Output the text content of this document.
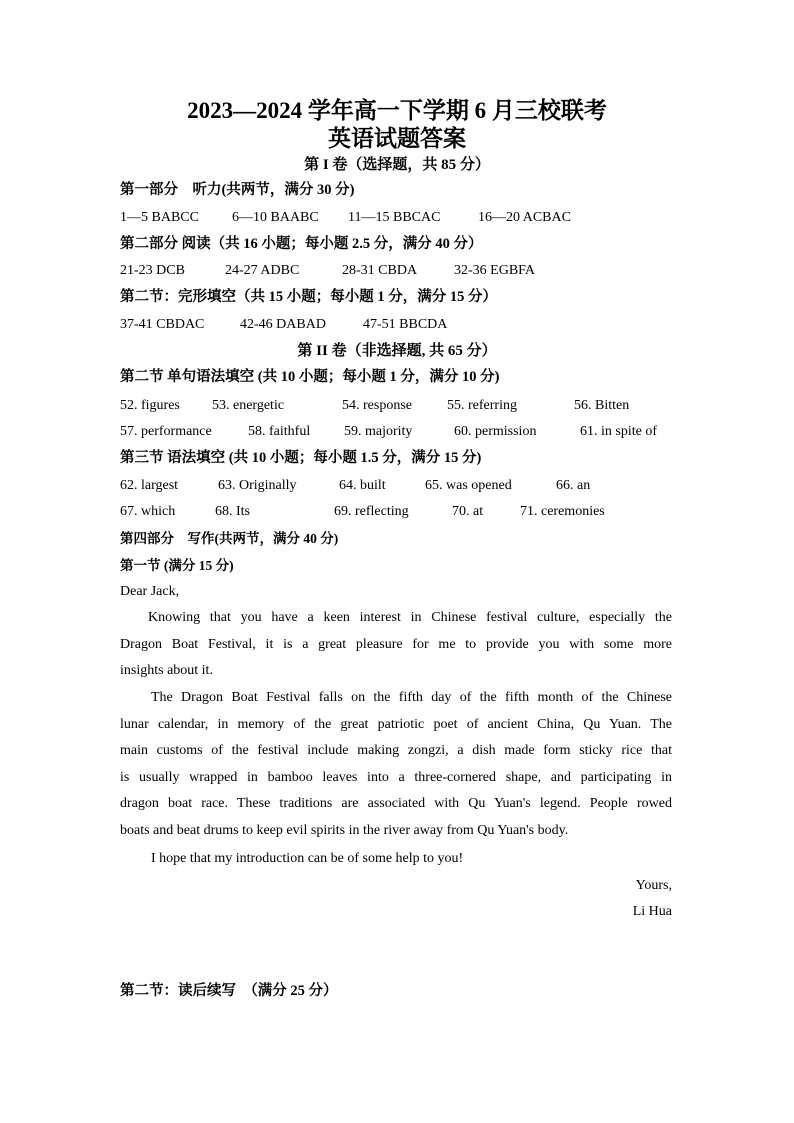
2023—2024 学年高一下学期 6 月三校联考
英语试题答案
第 I 卷（选择题，共 85 分）
第一部分　听力(共两节，满分 30 分)
1—5 BABCC 6—10 BAABC 11—15 BBCAC	16—20 ACBAC
第二部分 阅读（共 16 小题；每小题 2.5 分，满分 40 分）
21-23 DCB	24-27 ADBC	28-31 CBDA	32-36 EGBFA
第二节：完形填空（共 15 小题；每小题 1 分，满分 15 分）
37-41 CBDAC	42-46 DABAD	47-51 BBCDA
第 II 卷（非选择题, 共 65 分）
第二节 单句语法填空 (共 10 小题；每小题 1 分，满分 10 分)
52. figures 53. energetic	54. response	55. referring	56. Bitten
57. performance	58. faithful 59. majority	60. permission	61. in spite of
第三节 语法填空 (共 10 小题；每小题 1.5 分，满分 15 分)
62. largest	63. Originally	64. built	65. was opened	66. an
67. which	68. Its	69. reflecting	70. at	71. ceremonies
第四部分　写作(共两节，满分 40 分)
第一节 (满分 15 分)
Dear Jack,
Knowing that you have a keen interest in Chinese festival culture, especially the
Dragon Boat Festival, it is a great pleasure for me to provide you with some more
insights about it.
The Dragon Boat Festival falls on the fifth day of the fifth month of the Chinese
lunar calendar, in memory of the great patriotic poet of ancient China, Qu Yuan. The
main customs of the festival include making zongzi, a dish made form sticky rice that
is usually wrapped in bamboo leaves into a three-cornered shape, and participating in
dragon boat race. These traditions are associated with Qu Yuan's legend. People rowed
boats and beat drums to keep evil spirits in the river away from Qu Yuan's body.
I hope that my introduction can be of some help to you!
Yours,
Li Hua
第二节：读后续写　（满分 25 分）
